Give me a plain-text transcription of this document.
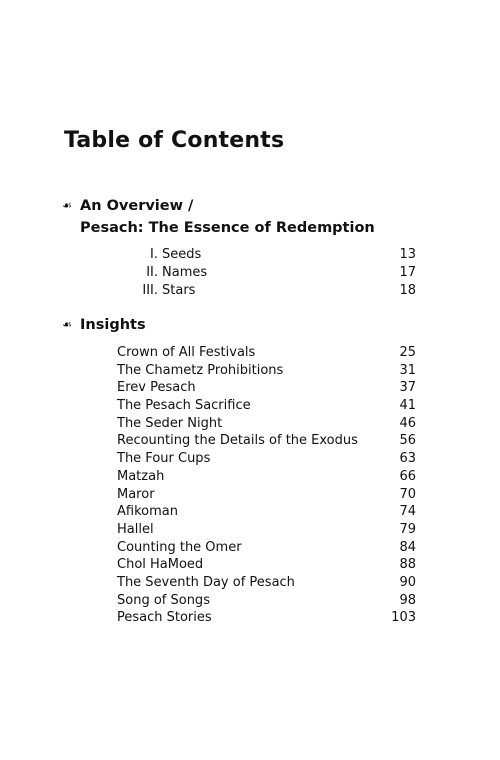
Table of Contents
☙ An Overview /
Pesach: The Essence of Redemption
I. Seeds	13
II. Names	17
III. Stars	18
☙ Insights
Crown of All Festivals	25
The Chametz Prohibitions	31
Erev Pesach	37
The Pesach Sacrifice	41
The Seder Night	46
Recounting the Details of the Exodus	56
The Four Cups	63
Matzah	66
Maror	70
Afikoman	74
Hallel	79
Counting the Omer	84
Chol HaMoed	88
The Seventh Day of Pesach	90
Song of Songs	98
Pesach Stories	103
